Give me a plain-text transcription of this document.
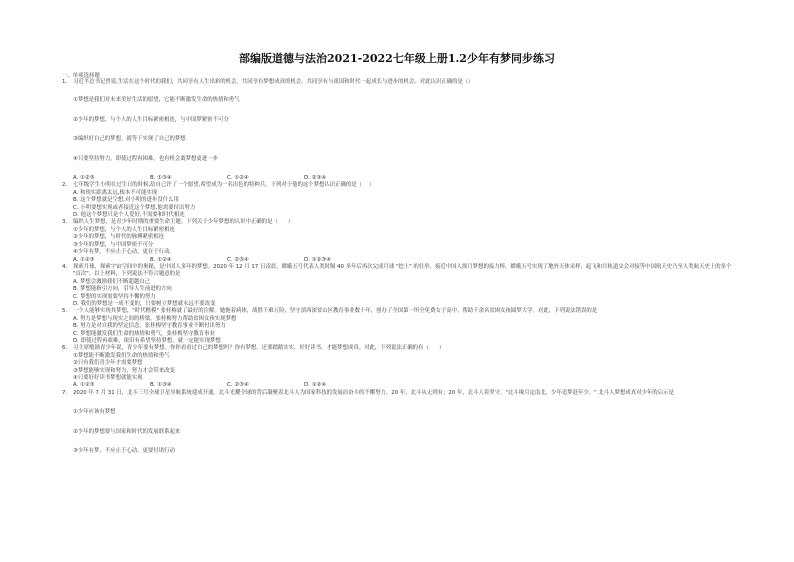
部编版道德与法治2021-2022七年级上册1.2少年有梦同步练习
一、单项选择题
1.	习近平总书记曾说,生活在这个时代的我们，共同享有人生出彩的机会，共同享有梦想成真的机会，共同享有与祖国和时代一起成长与进步的机会。对此认识正确的是（）
①梦想是我们对未来美好生活的愿望，它能不断激发生命的热情和勇气
②少年的梦想，与个人的人生目标紧密相连，与中国梦紧密不可分
③编织好自己的梦想，就等于实现了自己的梦想
④只要坚持努力，即使过程再困难，也有机会离梦想更进一步
A. ①②③	B. ①③④	C. ①②④	D. ②③④
2.	七年级学生小明在过生日的时候,给自己许了一个愿望,希望成为一名出色的特种兵。下列对于他的这个梦想认识正确的是（    ）
A. 和现实距离太远,根本不可能实现
B. 这个梦想就是空想,对小明的进步没什么用
C. 小明要想实现或者接近这个梦想,他需要付出努力
D. 他这个梦想只是个人爱好,不需要和时代相连
3.	编织人生梦想，是青少年时期的重要生命主题。下列关于少年梦想的认识中正确的是（      ）
①少年的梦想，与个人的人生目标紧密相连
②少年的梦想，与时代的脉搏紧密相连
③少年的梦想，与中国梦密不可分
④少年有梦，不应止于心动，更在于行动。
A. ①②③	B. ①②④	C. ②③④	D. ①②③④
4.	探索月球，探索宇宙空间中的奥秘，是中国人多年的梦想。2020 年 12 月 17 日凌晨，嫦娥五号代表人类时隔 40 多年后再次完成月球 "挖土" 的壮举。接近中国人探月梦想的接力棒，嫦娥五号实现了地外天体采样、起飞和月轨道交会对接等中国航天史乃至人类航天史上的多个 "首次"。以上材料，下列说法不符合题意的是
A. 梦想会激励我们不断超越自己
B. 梦想能指引方向，引导人生前进的方向
C. 梦想的实现需要坚持不懈的努力
D. 我们的梦想是一成不变的，只要树立梦想就永远不要改变
5.	一个人能够实现其梦想，"时代楷模" 张桂梅就了最好的注解。她拖着病体，战胜千难万险，坚守滇西深贫山区教育事业数十年，创办了全国第一所全免费女子高中，帮助千余名贫困女孩圆梦大学。对此，下列说法错误的是
A. 努力是梦想与现实之间的桥梁，张桂梅努力帮助贫困女孩实现梦想
B. 努力是对自我的坚定信念，张桂梅坚守教育事业不断付出努力
C. 梦想能激发我们生命的热情和勇气，张桂梅坚守教育事业
D. 即使过程再艰难，依旧有希望坚持梦想，就一定能实现梦想
6.	习主席勉励青少年说，青少年要有梦想。你你看看过自己的梦想吗？你有梦想，还要踏踏实实，好好读书，才能梦想成真。对此，下列说法正确的有（      ）
①梦想能不断激发我们生命的热情和勇气
②只有我们青少年才需要梦想
③梦想能够实现和努力，努力才会带来改变
④只要好好读书梦想就能实现
A. ①②③	B. ①③④	C. ②③④	D. ①②④
7.	2020 年 7 月 31 日，北斗三号全球卫星导航系统建成开通。北斗光耀全球的背后凝聚着北斗人为国家科技的发展而奋斗的不懈努力。20 年，北斗从无到有；20 年，北斗人着坚守。"北斗缘月定南北，少年追梦赶年少。" 北斗人梦想成真对少年的启示是
①少年应该有梦想
②少年的梦想要与国家和时代的发展联系起来
③少年有梦，不应止于心动，更要付诸行动
